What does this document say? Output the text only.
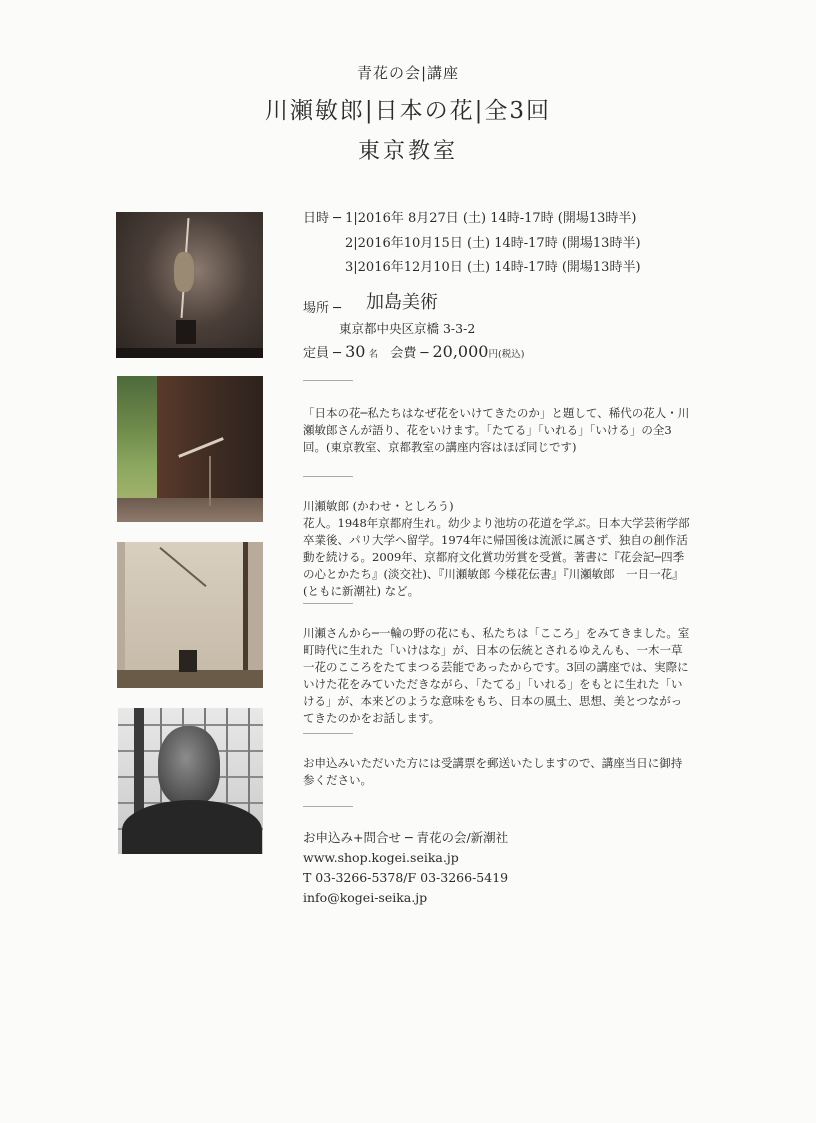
青花の会|講座
川瀬敏郎|日本の花|全3回
東京教室
日時 ─ 1|2016年 8月27日 (土) 14時-17時 (開場13時半)
2|2016年10月15日 (土) 14時-17時 (開場13時半)
3|2016年12月10日 (土) 14時-17時 (開場13時半)
場所 ─ 加島美術
東京都中央区京橋 3-3-2
定員 ─ 30 名 会費 ─ 20,000円(税込)
「日本の花─私たちはなぜ花をいけてきたのか」と題して、稀代の花人・川瀬敏郎さんが語り、花をいけます。「たてる」「いれる」「いける」の全3回。(東京教室、京都教室の講座内容はほぼ同じです)
川瀬敏郎 (かわせ・としろう)
花人。1948年京都府生れ。幼少より池坊の花道を学ぶ。日本大学芸術学部卒業後、パリ大学へ留学。1974年に帰国後は流派に属さず、独自の創作活動を続ける。2009年、京都府文化賞功労賞を受賞。著書に『花会記─四季の心とかたち』(淡交社)、『川瀬敏郎 今様花伝書』『川瀬敏郎　一日一花』(ともに新潮社) など。
川瀬さんから─一輪の野の花にも、私たちは「こころ」をみてきました。室町時代に生れた「いけはな」が、日本の伝統とされるゆえんも、一木一草一花のこころをたてまつる芸能であったからです。3回の講座では、実際にいけた花をみていただきながら、「たてる」「いれる」をもとに生れた「いける」が、本来どのような意味をもち、日本の風土、思想、美とつながってきたのかをお話します。
お申込みいただいた方には受講票を郵送いたしますので、講座当日に御持参ください。
お申込み+問合せ ─ 青花の会/新潮社
www.shop.kogei.seika.jp
T 03-3266-5378/F 03-3266-5419
info@kogei-seika.jp
